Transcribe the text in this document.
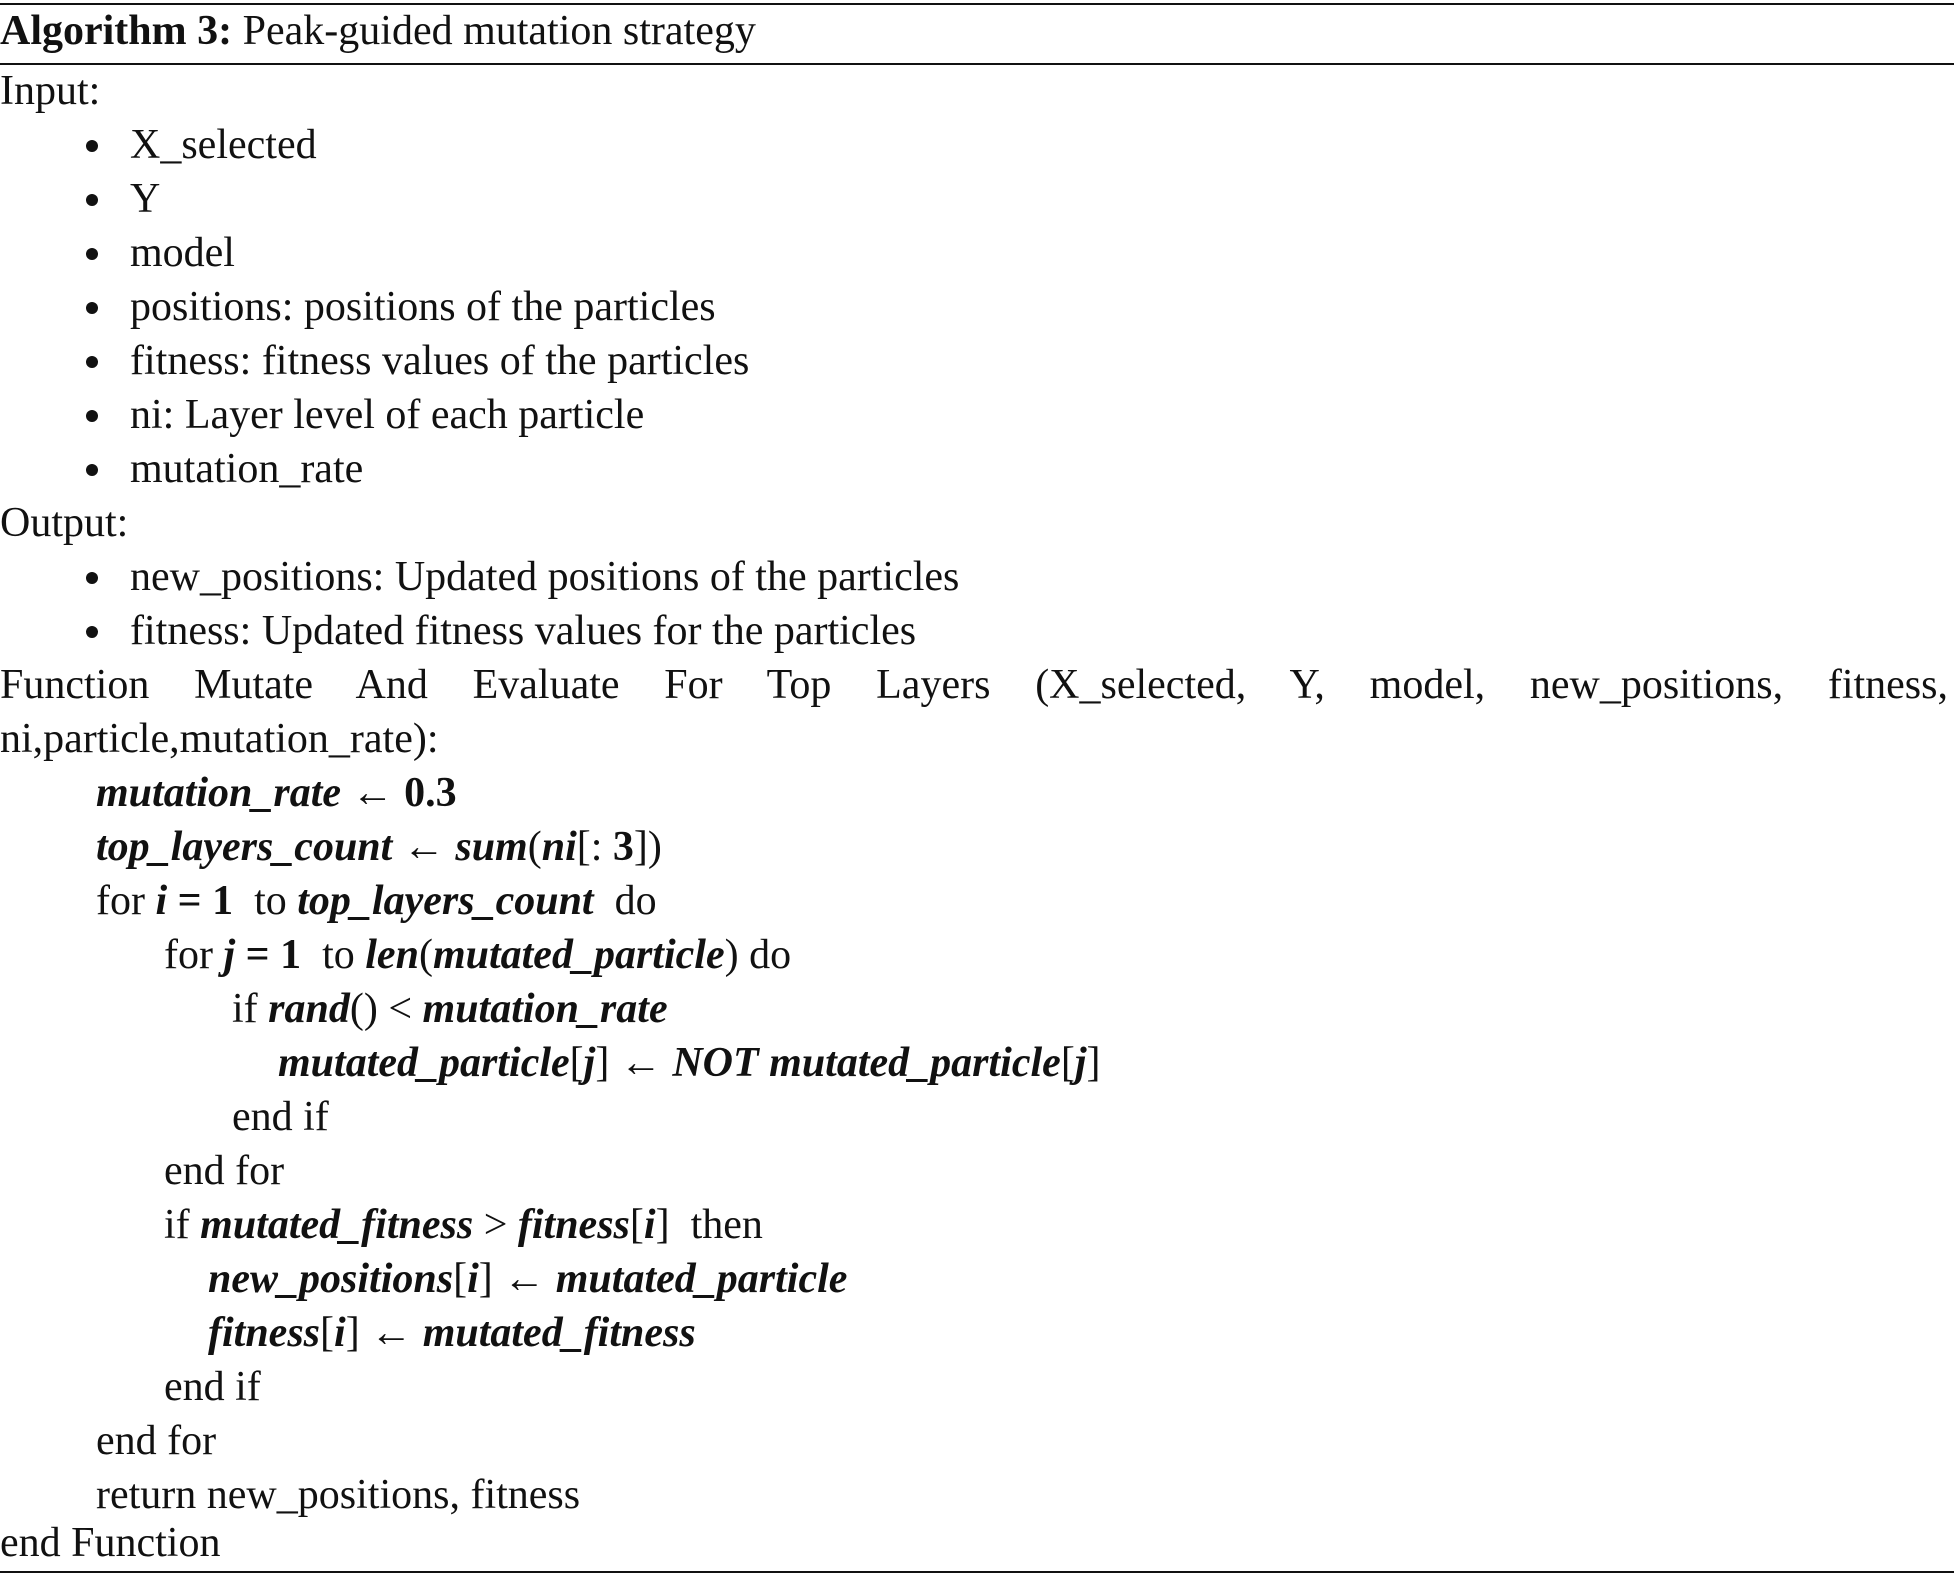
Algorithm 3: Peak-guided mutation strategy
Input:
X_selected
Y
model
positions: positions of the particles
fitness: fitness values of the particles
ni: Layer level of each particle
mutation_rate
Output:
new_positions: Updated positions of the particles
fitness: Updated fitness values for the particles
Function Mutate And Evaluate For Top Layers (X_selected, Y, model, new_positions, fitness, ni,particle,mutation_rate):
mutation_rate ← 0.3
top_layers_count ← sum(ni[: 3])
for i = 1 to top_layers_count do
for j = 1 to len(mutated_particle) do
if rand() < mutation_rate
mutated_particle[j] ← NOT mutated_particle[j]
end if
end for
if mutated_fitness > fitness[i] then
new_positions[i] ← mutated_particle
fitness[i] ← mutated_fitness
end if
end for
return new_positions, fitness
end Function
